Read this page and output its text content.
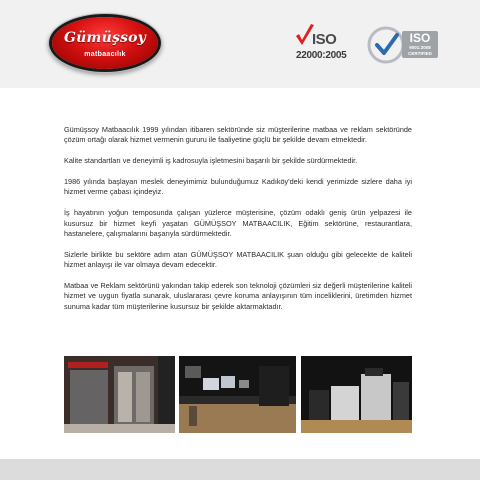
Gümüşsoy
matbaacılık
ISO
22000:2005
ISO
9001:2008
CERTIFIED

Gümüşsoy Matbaacılık 1999 yılından itibaren sektöründe siz müşterilerine matbaa ve reklam sektöründe çözüm ortağı olarak hizmet vermenin gururu ile faaliyetine güçlü bir şekilde devam etmektedir.

Kalite standartları ve deneyimli iş kadrosuyla işletmesini başarılı bir şekilde sürdürmektedir.

1986 yılında başlayan meslek deneyimimiz bulunduğumuz Kadıköy'deki kendi yerimizde sizlere daha iyi hizmet verme çabası içindeyiz.

İş hayatının yoğun temposunda çalışan yüzlerce müşterisine, çözüm odaklı geniş ürün yelpazesi ile kusursuz bir hizmet keyfi yaşatan GÜMÜŞSOY MATBAACILIK, Eğitim sektörüne, restaurantlara, hastanelere, çalışmalarını başarıyla sürdürmektedir.

Sizlerle birlikte bu sektöre adım atan GÜMÜŞSOY MATBAACILIK şuan olduğu gibi gelecekte de kaliteli hizmet anlayışı ile var olmaya devam edecektir.

Matbaa ve Reklam sektörünü yakından takip ederek son teknoloji çözümleri siz değerli müşterilerine kaliteli hizmet ve uygun fiyatla sunarak, uluslararası çevre koruma anlayışının tüm inceliklerini, üretimden hizmet sunuma kadar tüm müşterilerine kusursuz bir şekilde aktarmaktadır.
